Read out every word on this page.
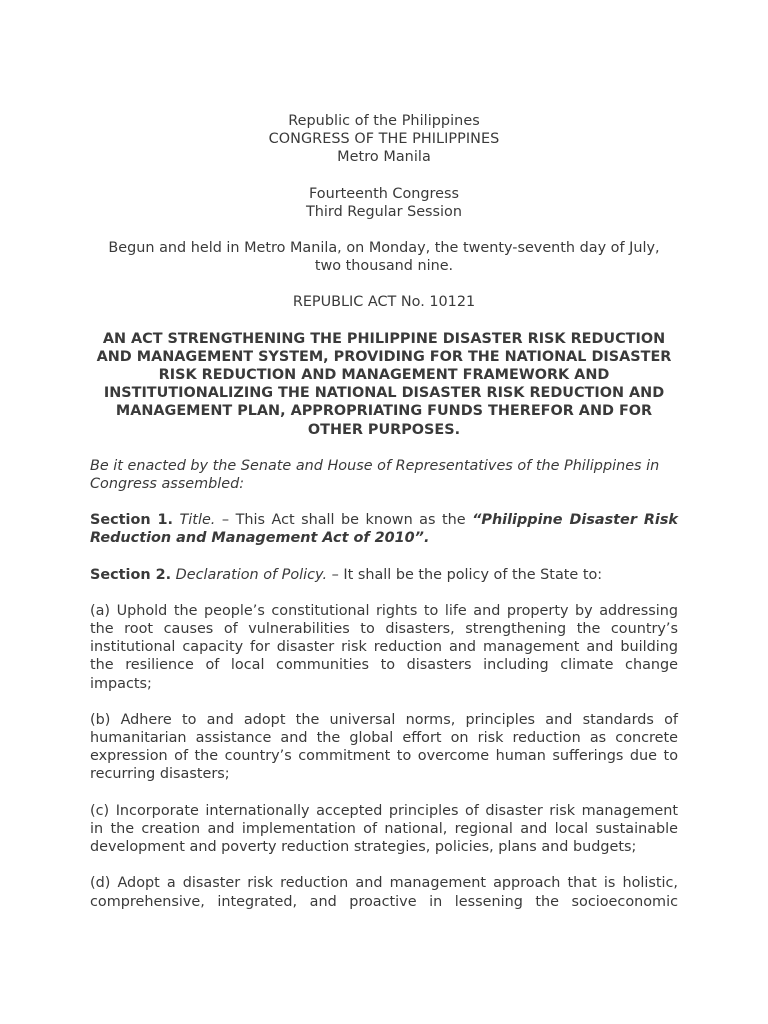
Republic of the Philippines

CONGRESS OF THE PHILIPPINES

Metro Manila

Fourteenth Congress

Third Regular Session

Begun and held in Metro Manila, on Monday, the twenty-seventh day of July, two thousand nine.

REPUBLIC ACT No. 10121

AN ACT STRENGTHENING THE PHILIPPINE DISASTER RISK REDUCTION AND MANAGEMENT SYSTEM, PROVIDING FOR THE NATIONAL DISASTER RISK REDUCTION AND MANAGEMENT FRAMEWORK AND INSTITUTIONALIZING THE NATIONAL DISASTER RISK REDUCTION AND MANAGEMENT PLAN, APPROPRIATING FUNDS THEREFOR AND FOR OTHER PURPOSES.

Be it enacted by the Senate and House of Representatives of the Philippines in Congress assembled:

Section 1. Title. – This Act shall be known as the “Philippine Disaster Risk Reduction and Management Act of 2010”.

Section 2. Declaration of Policy. – It shall be the policy of the State to:

(a) Uphold the people’s constitutional rights to life and property by addressing the root causes of vulnerabilities to disasters, strengthening the country’s institutional capacity for disaster risk reduction and management and building the resilience of local communities to disasters including climate change impacts;

(b) Adhere to and adopt the universal norms, principles and standards of humanitarian assistance and the global effort on risk reduction as concrete expression of the country’s commitment to overcome human sufferings due to recurring disasters;

(c) Incorporate internationally accepted principles of disaster risk management in the creation and implementation of national, regional and local sustainable development and poverty reduction strategies, policies, plans and budgets;

(d) Adopt a disaster risk reduction and management approach that is holistic, comprehensive, integrated, and proactive in lessening the socioeconomic
